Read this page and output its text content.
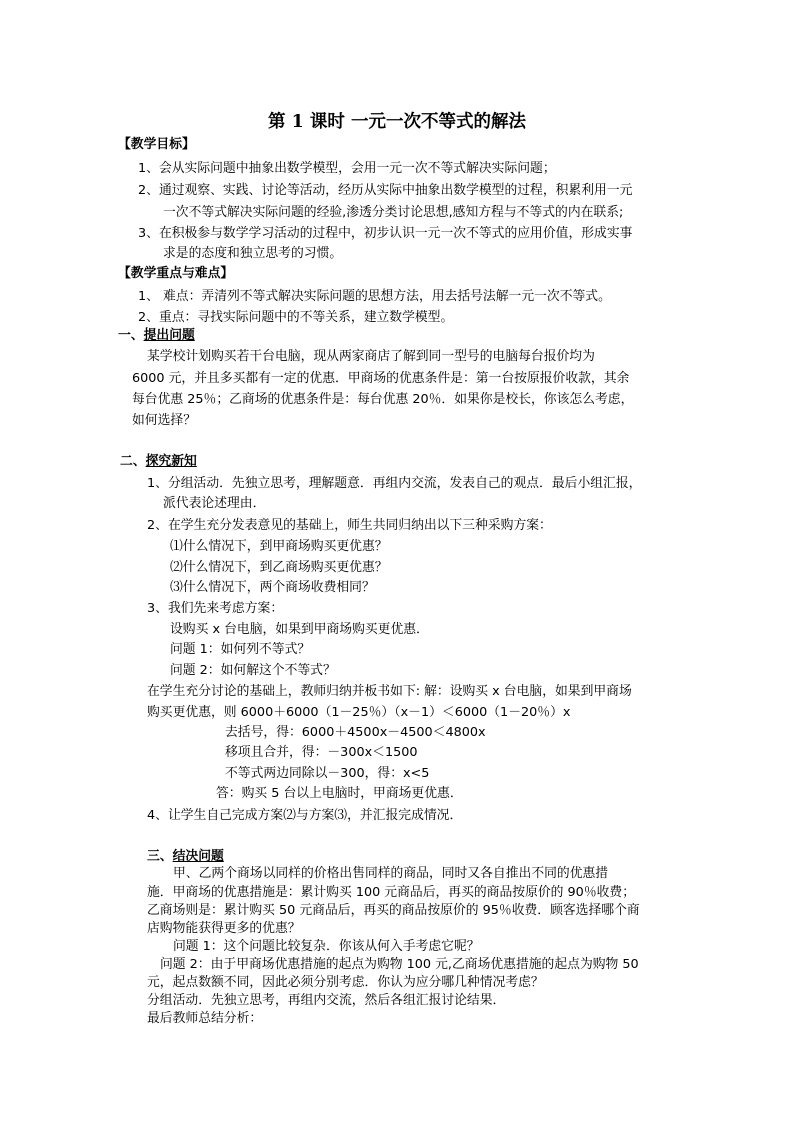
第 1 课时 一元一次不等式的解法
【教学目标】
1、会从实际问题中抽象出数学模型，会用一元一次不等式解决实际问题；
2、通过观察、实践、讨论等活动，经历从实际中抽象出数学模型的过程，积累利用一元
一次不等式解决实际问题的经验,渗透分类讨论思想,感知方程与不等式的内在联系;
3、在积极参与数学学习活动的过程中，初步认识一元一次不等式的应用价值，形成实事
求是的态度和独立思考的习惯。
【教学重点与难点】
1、 难点：弄清列不等式解决实际问题的思想方法，用去括号法解一元一次不等式。
2、重点：寻找实际问题中的不等关系，建立数学模型。
一、提出问题
某学校计划购买若干台电脑，现从两家商店了解到同一型号的电脑每台报价均为
6000 元，并且多买都有一定的优惠．甲商场的优惠条件是：第一台按原报价收款，其余
每台优惠 25％；乙商场的优惠条件是：每台优惠 20％．如果你是校长，你该怎么考虑，
如何选择？
二、探究新知
1、分组活动．先独立思考，理解题意．再组内交流，发表自己的观点．最后小组汇报，
派代表论述理由．
2、在学生充分发表意见的基础上，师生共同归纳出以下三种采购方案：
⑴什么情况下，到甲商场购买更优惠？
⑵什么情况下，到乙商场购买更优惠？
⑶什么情况下，两个商场收费相同？
3、我们先来考虑方案：
设购买 x 台电脑，如果到甲商场购买更优惠．
问题 1：如何列不等式？
问题 2：如何解这个不等式？
在学生充分讨论的基础上，教师归纳并板书如下: 解：设购买 x 台电脑，如果到甲商场
购买更优惠，则 6000＋6000（1－25％）（x－1）＜6000（1－20％）x
去括号，得：6000＋4500x－4500＜4800x
移项且合并，得：－300x＜1500
不等式两边同除以－300，得：x<5
答：购买 5 台以上电脑时，甲商场更优惠．
4、让学生自己完成方案⑵与方案⑶，并汇报完成情况．
三、结决问题
甲、乙两个商场以同样的价格出售同样的商品，同时又各自推出不同的优惠措
施．甲商场的优惠措施是：累计购买 100 元商品后，再买的商品按原价的 90％收费；
乙商场则是：累计购买 50 元商品后，再买的商品按原价的 95％收费．顾客选择哪个商
店购物能获得更多的优惠？
问题 1：这个问题比较复杂．你该从何入手考虑它呢？
问题 2：由于甲商场优惠措施的起点为购物 100 元,乙商场优惠措施的起点为购物 50
元，起点数额不同，因此必须分别考虑．你认为应分哪几种情况考虑？
分组活动．先独立思考，再组内交流，然后各组汇报讨论结果．
最后教师总结分析：
